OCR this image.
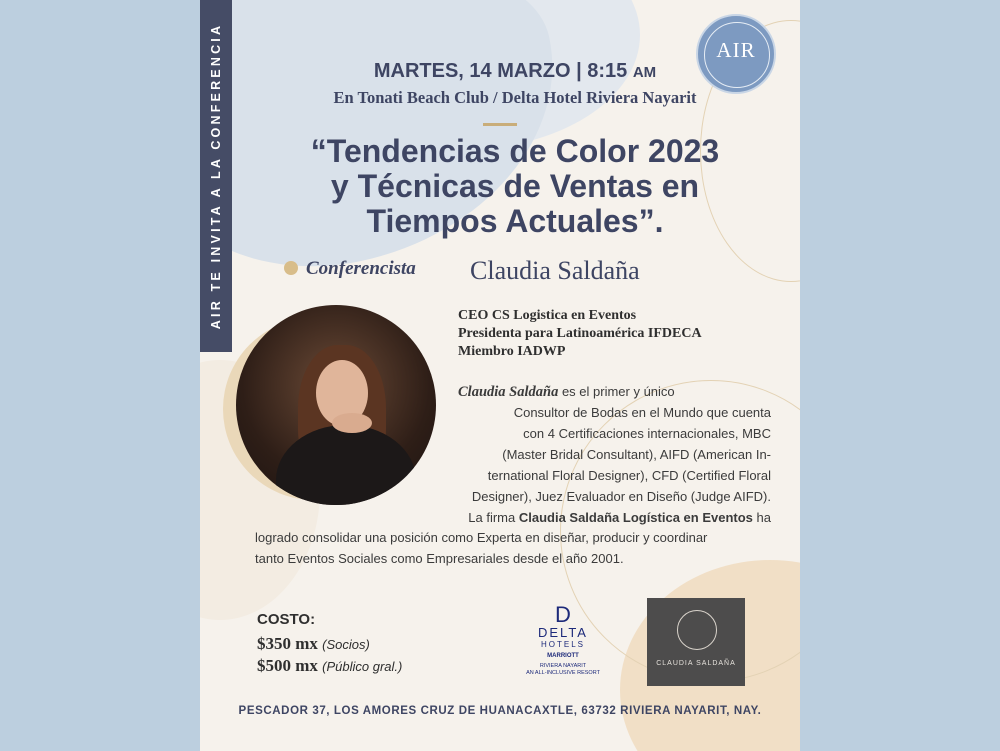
AIR TE INVITA A LA CONFERENCIA	AIR
MARTES, 14 MARZO | 8:15 AM
En Tonati Beach Club / Delta Hotel Riviera Nayarit
“Tendencias de Color 2023
y Técnicas de Ventas en
Tiempos Actuales”.
Conferencista Claudia Saldaña
CEO CS Logistica en Eventos
Presidenta para Latinoamérica IFDECA
Miembro IADWP
Claudia Saldaña es el primer y único
Consultor de Bodas en el Mundo que cuenta
con 4 Certificaciones internacionales, MBC
(Master Bridal Consultant), AIFD (American In-
ternational Floral Designer), CFD (Certified Floral
Designer), Juez Evaluador en Diseño (Judge AIFD).
La firma Claudia Saldaña Logística en Eventos ha
logrado consolidar una posición como Experta en diseñar, producir y coordinar
tanto Eventos Sociales como Empresariales desde el año 2001.
COSTO:
$350 mx (Socios)
$500 mx (Público gral.)
D
DELTA
HOTELS
MARRIOTT
RIVIERA NAYARIT
AN ALL-INCLUSIVE RESORT
CLAUDIA SALDAÑA
PESCADOR 37, LOS AMORES CRUZ DE HUANACAXTLE, 63732 RIVIERA NAYARIT, NAY.
